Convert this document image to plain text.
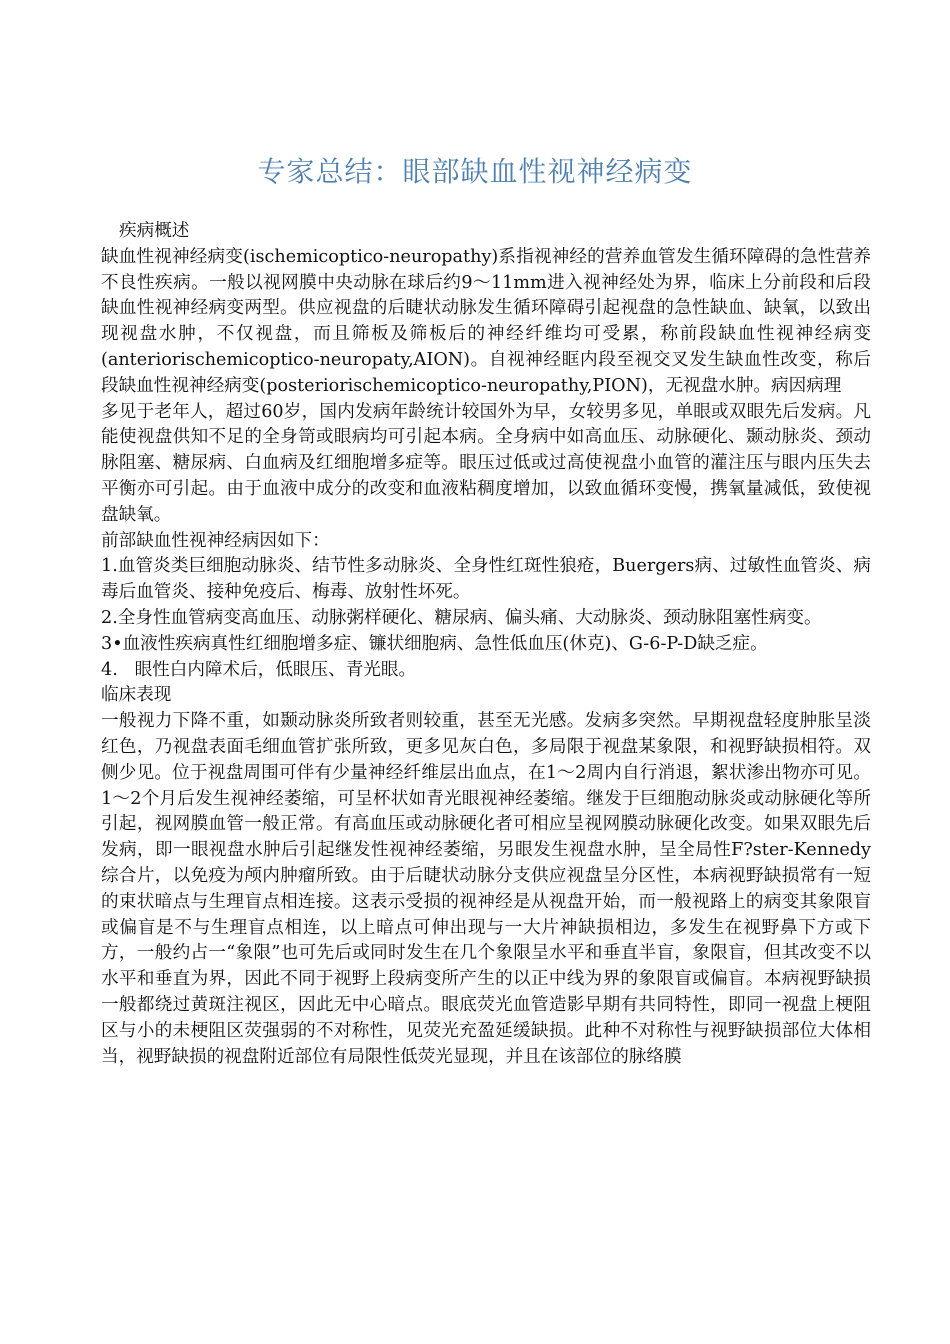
专家总结：眼部缺血性视神经病变

疾病概述

缺血性视神经病变(ischemicoptico-neuropathy)系指视神经的营养血管发生循环障碍的急性营养不良性疾病。一般以视网膜中央动脉在球后约9～11mm进入视神经处为界，临床上分前段和后段缺血性视神经病变两型。供应视盘的后睫状动脉发生循环障碍引起视盘的急性缺血、缺氧，以致出现视盘水肿，不仅视盘，而且筛板及筛板后的神经纤维均可受累，称前段缺血性视神经病变(anteriorischemicoptico-neuropaty,AION)。自视神经眶内段至视交叉发生缺血性改变，称后段缺血性视神经病变(posteriorischemicoptico-neuropathy,PION)，无视盘水肿。病因病理

多见于老年人，超过60岁，国内发病年龄统计较国外为早，女较男多见，单眼或双眼先后发病。凡能使视盘供知不足的全身笥或眼病均可引起本病。全身病中如高血压、动脉硬化、颞动脉炎、颈动脉阻塞、糖尿病、白血病及红细胞增多症等。眼压过低或过高使视盘小血管的灌注压与眼内压失去平衡亦可引起。由于血液中成分的改变和血液粘稠度增加，以致血循环变慢，携氧量减低，致使视盘缺氧。

前部缺血性视神经病因如下：

1.血管炎类巨细胞动脉炎、结节性多动脉炎、全身性红斑性狼疮，Buergers病、过敏性血管炎、病毒后血管炎、接种免疫后、梅毒、放射性坏死。

2.全身性血管病变高血压、动脉粥样硬化、糖尿病、偏头痛、大动脉炎、颈动脉阻塞性病变。

3•血液性疾病真性红细胞增多症、镰状细胞病、急性低血压(休克)、G-6-P-D缺乏症。

4.   眼性白内障术后，低眼压、青光眼。

临床表现

一般视力下降不重，如颞动脉炎所致者则较重，甚至无光感。发病多突然。早期视盘轻度肿胀呈淡红色，乃视盘表面毛细血管扩张所致，更多见灰白色，多局限于视盘某象限，和视野缺损相符。双侧少见。位于视盘周围可伴有少量神经纤维层出血点，在1～2周内自行消退，絮状渗出物亦可见。1～2个月后发生视神经萎缩，可呈杯状如青光眼视神经萎缩。继发于巨细胞动脉炎或动脉硬化等所引起，视网膜血管一般正常。有高血压或动脉硬化者可相应呈视网膜动脉硬化改变。如果双眼先后发病，即一眼视盘水肿后引起继发性视神经萎缩，另眼发生视盘水肿，呈全局性F?ster-Kennedy综合片，以免疫为颅内肿瘤所致。由于后睫状动脉分支供应视盘呈分区性，本病视野缺损常有一短的束状暗点与生理盲点相连接。这表示受损的视神经是从视盘开始，而一般视路上的病变其象限盲或偏盲是不与生理盲点相连，以上暗点可伸出现与一大片神缺损相边，多发生在视野鼻下方或下方，一般约占一“象限”也可先后或同时发生在几个象限呈水平和垂直半盲，象限盲，但其改变不以水平和垂直为界，因此不同于视野上段病变所产生的以正中线为界的象限盲或偏盲。本病视野缺损一般都绕过黄斑注视区，因此无中心暗点。眼底荧光血管造影早期有共同特性，即同一视盘上梗阻区与小的未梗阻区荧强弱的不对称性，见荧光充盈延缓缺损。此种不对称性与视野缺损部位大体相当，视野缺损的视盘附近部位有局限性低荧光显现，并且在该部位的脉络膜
